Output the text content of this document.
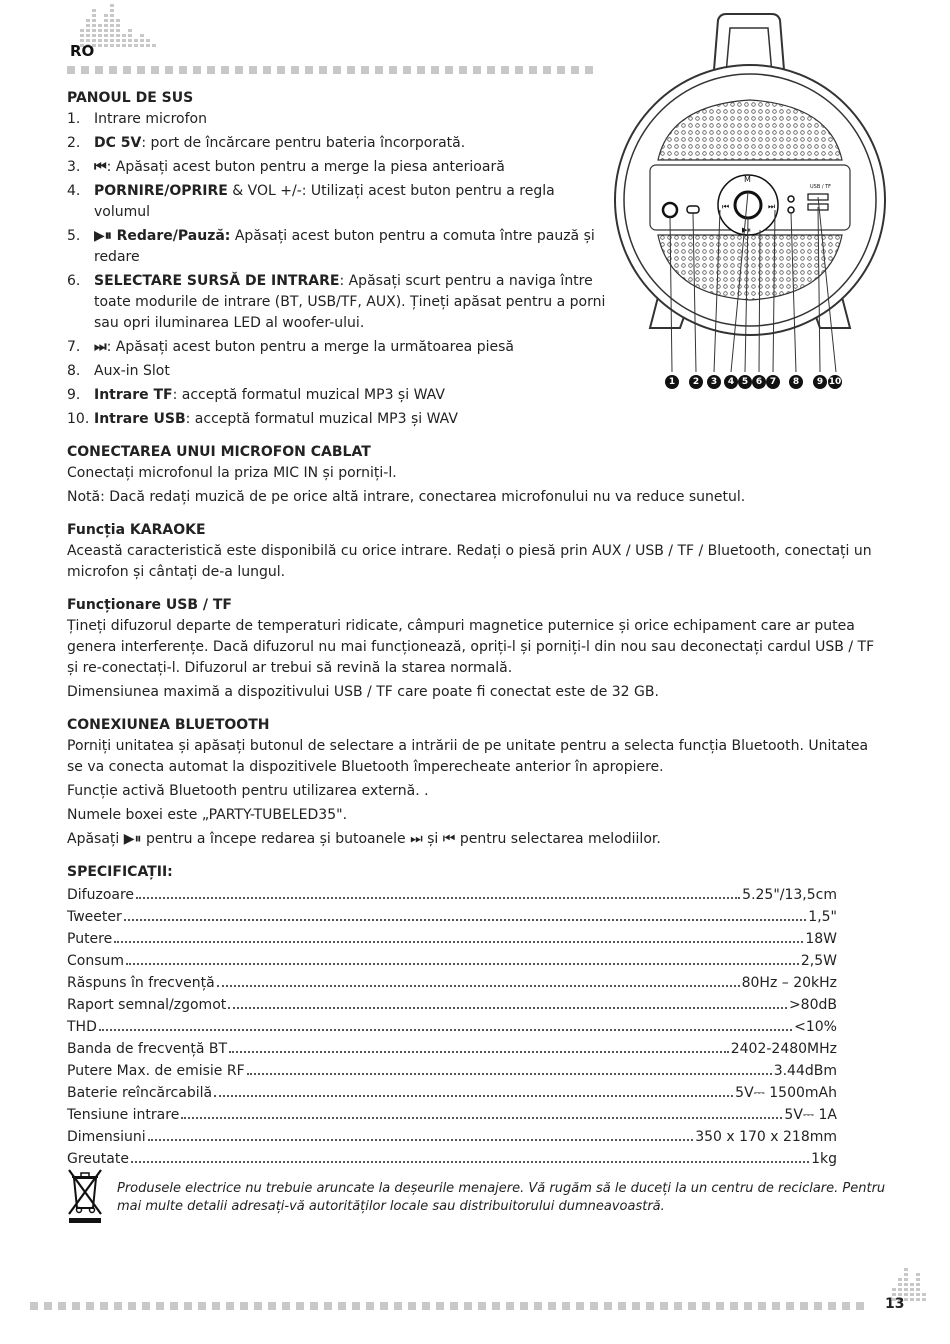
RO
M
⏮	⏭
▶⏸
USB / TF
1	2	3	4 5 6 7	8	9 10
PANOUL DE SUS
1. Intrare microfon
2. DC 5V: port de încărcare pentru bateria încorporată.
3. ⏮: Apăsați acest buton pentru a merge la piesa anterioară
4. PORNIRE/OPRIRE & VOL +/-: Utilizați acest buton pentru a regla volumul
5. ▶⏸ Redare/Pauză: Apăsați acest buton pentru a comuta între pauză și redare
6. SELECTARE SURSĂ DE INTRARE: Apăsați scurt pentru a naviga între toate modurile de intrare (BT, USB/TF, AUX). Țineți apăsat pentru a porni sau opri iluminarea LED al woofer-ului.
7. ⏭: Apăsați acest buton pentru a merge la următoarea piesă
8. Aux-in Slot
9. Intrare TF: acceptă formatul muzical MP3 și WAV
10. Intrare USB: acceptă formatul muzical MP3 și WAV
CONECTAREA UNUI MICROFON CABLAT

Conectați microfonul la priza MIC IN și porniți-l.

Notă: Dacă redați muzică de pe orice altă intrare, conectarea microfonului nu va reduce sunetul.

Funcția KARAOKE

Această caracteristică este disponibilă cu orice intrare. Redați o piesă prin AUX / USB / TF / Bluetooth, conectați un microfon și cântați de-a lungul.

Funcționare USB / TF

Țineți difuzorul departe de temperaturi ridicate, câmpuri magnetice puternice și orice echipament care ar putea genera interferențe. Dacă difuzorul nu mai funcționează, opriți-l și porniți-l din nou sau deconectați cardul USB / TF și re-conectați-l. Difuzorul ar trebui să revină la starea normală.

Dimensiunea maximă a dispozitivului USB / TF care poate fi conectat este de 32 GB.

CONEXIUNEA BLUETOOTH

Porniți unitatea și apăsați butonul de selectare a intrării de pe unitate pentru a selecta funcția Bluetooth. Unitatea se va conecta automat la dispozitivele Bluetooth împerecheate anterior în apropiere.

Funcție activă Bluetooth pentru utilizarea externă. .

Numele boxei este „PARTY-TUBELED35".

Apăsați ▶⏸ pentru a începe redarea și butoanele ⏭ și ⏮ pentru selectarea melodiilor.

SPECIFICAȚII:
Difuzoare	5.25"/13,5cm
Tweeter	1,5"
Putere	18W
Consum	2,5W
Răspuns în frecvență	80Hz – 20kHz
Raport semnal/zgomot	>80dB
THD	<10%
Banda de frecvență BT	2402-2480MHz
Putere Max. de emisie RF	3.44dBm
Baterie reîncărcabilă	5V⎓ 1500mAh
Tensiune intrare	5V⎓ 1A
Dimensiuni	350 x 170 x 218mm
Greutate	1kg
Produsele electrice nu trebuie aruncate la deșeurile menajere. Vă rugăm să le duceți la un centru de reciclare. Pentru mai multe detalii adresați-vă autorităților locale sau distribuitorului dumneavoastră.
13
